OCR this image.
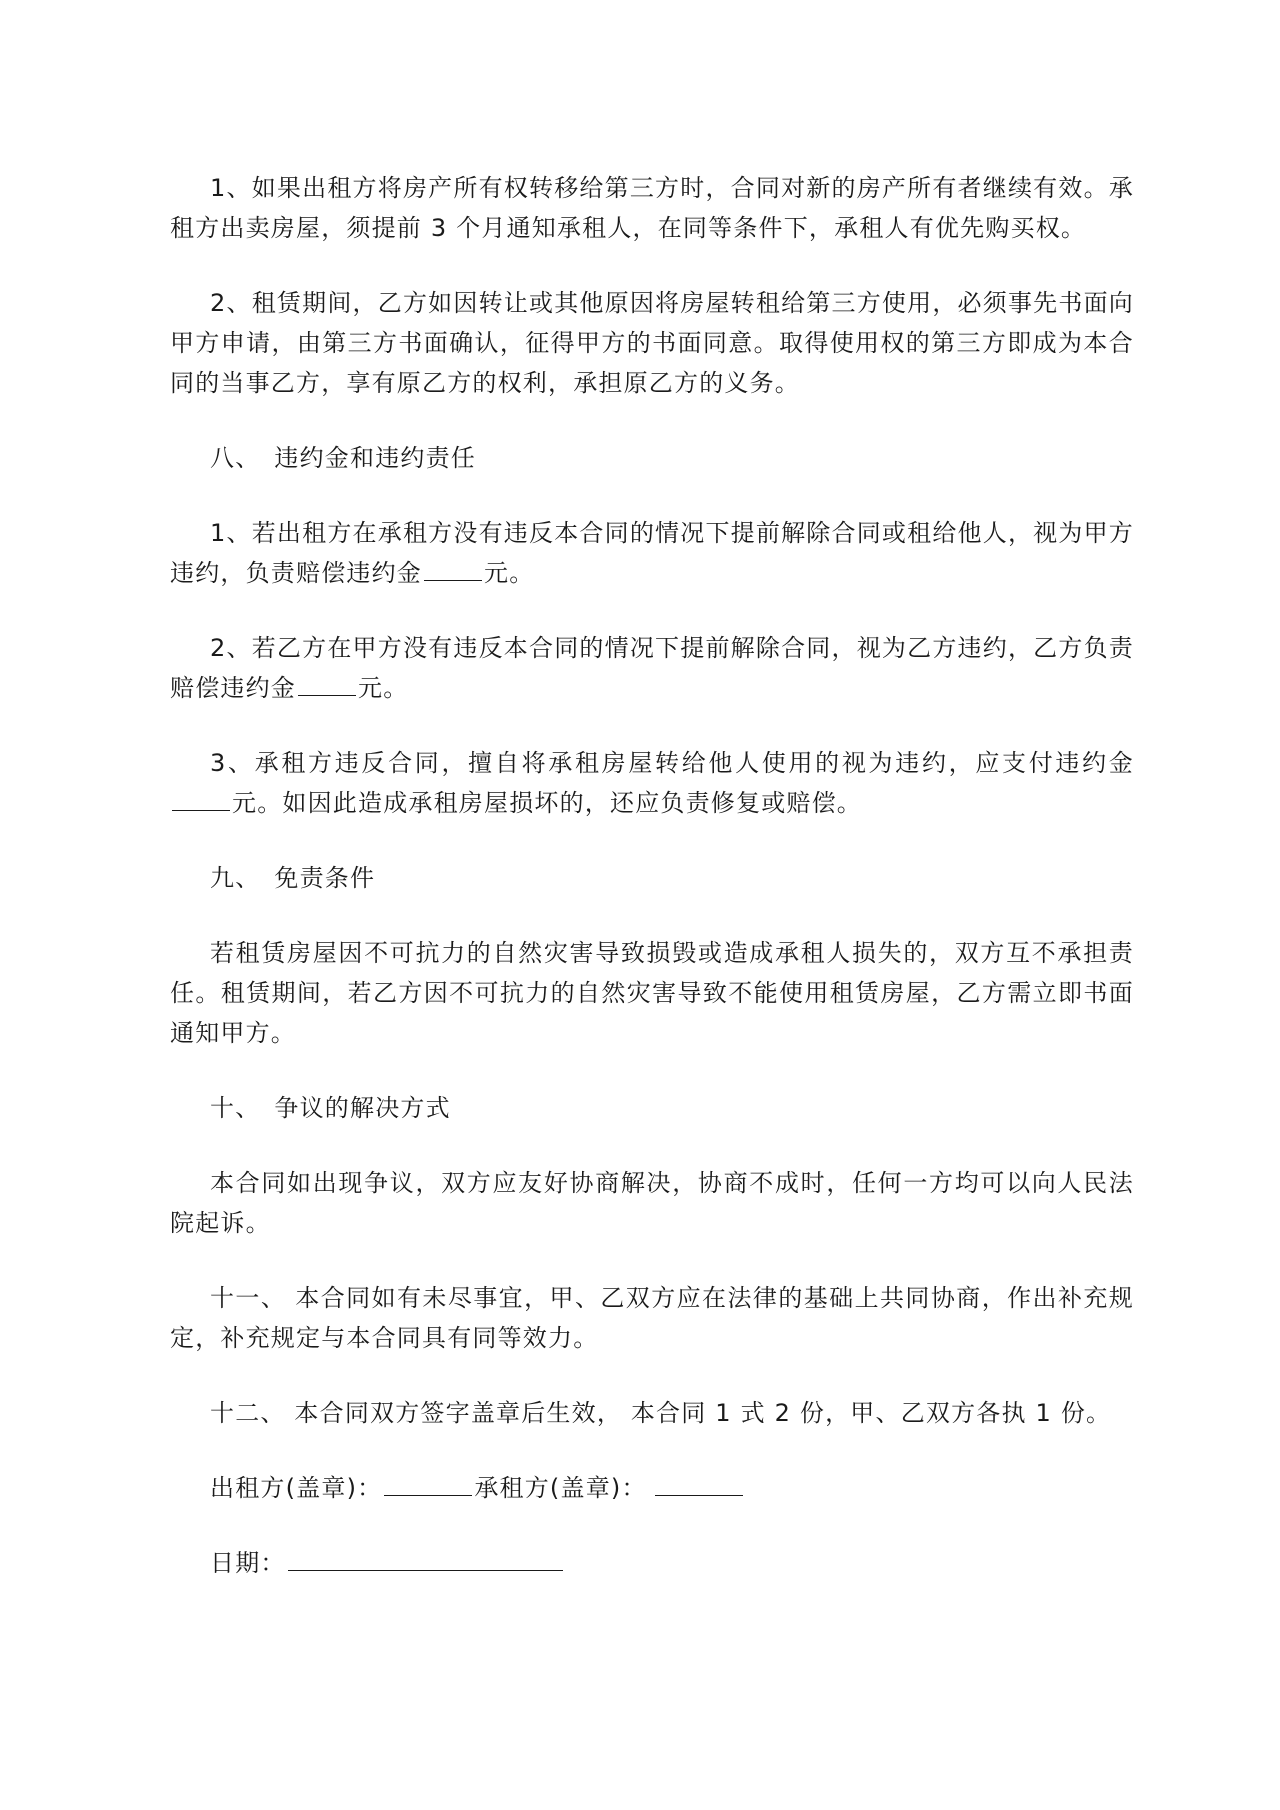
1、如果出租方将房产所有权转移给第三方时，合同对新的房产所有者继续有效。承租方出卖房屋，须提前 3 个月通知承租人，在同等条件下，承租人有优先购买权。

2、租赁期间，乙方如因转让或其他原因将房屋转租给第三方使用，必须事先书面向甲方申请，由第三方书面确认，征得甲方的书面同意。取得使用权的第三方即成为本合同的当事乙方，享有原乙方的权利，承担原乙方的义务。

八、 违约金和违约责任

1、若出租方在承租方没有违反本合同的情况下提前解除合同或租给他人，视为甲方违约，负责赔偿违约金	元。

2、若乙方在甲方没有违反本合同的情况下提前解除合同，视为乙方违约，乙方负责赔偿违约金	元。

3、承租方违反合同，擅自将承租房屋转给他人使用的视为违约，应支付违约金元。如因此造成承租房屋损坏的，还应负责修复或赔偿。

九、 免责条件

若租赁房屋因不可抗力的自然灾害导致损毁或造成承租人损失的，双方互不承担责任。租赁期间，若乙方因不可抗力的自然灾害导致不能使用租赁房屋，乙方需立即书面通知甲方。

十、 争议的解决方式

本合同如出现争议，双方应友好协商解决，协商不成时，任何一方均可以向人民法院起诉。

十一、 本合同如有未尽事宜，甲、乙双方应在法律的基础上共同协商，作出补充规定，补充规定与本合同具有同等效力。

十二、 本合同双方签字盖章后生效， 本合同 1 式 2 份，甲、乙双方各执 1 份。

出租方(盖章)：	承租方(盖章)：
日期：
